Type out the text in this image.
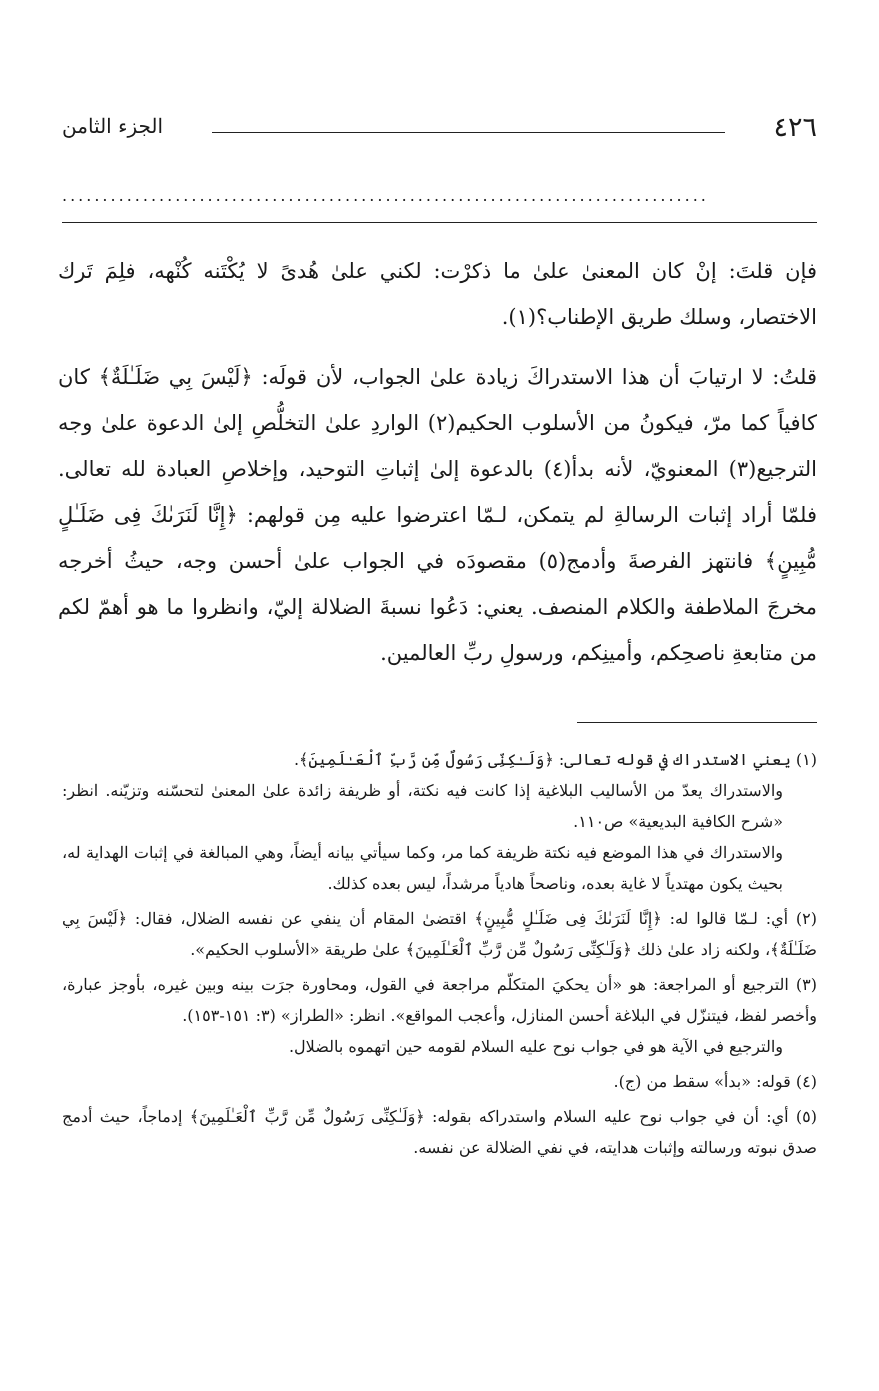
٤٢٦
الجزء الثامن
................................................................................

فإن قلتَ: إنْ كان المعنىٰ علىٰ ما ذكرْت: لكني علىٰ هُدىً لا يُكْتَنه كُنْهه، فلِمَ تَرك الاختصار، وسلك طريق الإطناب؟(١).

قلتُ: لا ارتيابَ أن هذا الاستدراكَ زيادة علىٰ الجواب، لأن قولَه: ﴿لَيْسَ بِي ضَلَـٰلَةٌ﴾ كان كافياً كما مرّ، فيكونُ من الأسلوب الحكيم(٢) الواردِ علىٰ التخلُّصِ إلىٰ الدعوة علىٰ وجه الترجيع(٣) المعنويّ، لأنه بدأ(٤) بالدعوة إلىٰ إثباتِ التوحيد، وإخلاصِ العبادة لله تعالى. فلمّا أراد إثبات الرسالةِ لم يتمكن، لـمّا اعترضوا عليه مِن قولهم: ﴿إِنَّا لَنَرَىٰكَ فِى ضَلَـٰلٍ مُّبِينٍ﴾ فانتهز الفرصةَ وأدمج(٥) مقصودَه في الجواب علىٰ أحسن وجه، حيثُ أخرجه مخرجَ الملاطفة والكلام المنصف. يعني: دَعُوا نسبةَ الضلالة إليّ، وانظروا ما هو أهمّ لكم من متابعةِ ناصحِكم، وأمينِكم، ورسولِ ربِّ العالمين.

(١) يعني الاستدراك في قوله تعالى: ﴿وَلَـٰكِنِّى رَسُولٌ مِّن رَّبِّ ٱلْعَـٰلَمِينَ﴾.

والاستدراك يعدّ من الأساليب البلاغية إذا كانت فيه نكتة، أو ظريفة زائدة علىٰ المعنىٰ لتحسّنه وتزيّنه. انظر: «شرح الكافية البديعية» ص١١٠.

والاستدراك في هذا الموضع فيه نكتة ظريفة كما مر، وكما سيأتي بيانه أيضاً، وهي المبالغة في إثبات الهداية له، بحيث يكون مهتدياً لا غاية بعده، وناصحاً هادياً مرشداً، ليس بعده كذلك.

(٢) أي: لـمّا قالوا له: ﴿إِنَّا لَنَرَىٰكَ فِى ضَلَـٰلٍ مُّبِينٍ﴾ اقتضىٰ المقام أن ينفي عن نفسه الضلال، فقال: ﴿لَيْسَ بِي ضَلَـٰلَةٌ﴾، ولكنه زاد علىٰ ذلك ﴿وَلَـٰكِنِّى رَسُولٌ مِّن رَّبِّ ٱلْعَـٰلَمِينَ﴾ علىٰ طريقة «الأسلوب الحكيم».

(٣) الترجيع أو المراجعة: هو «أن يحكيَ المتكلّم مراجعة في القول، ومحاورة جرَت بينه وبين غيره، بأوجز عبارة، وأخصر لفظ، فيتنزّل في البلاغة أحسن المنازل، وأعجب المواقع». انظر: «الطراز» (٣: ١٥١-١٥٣).

والترجيع في الآية هو في جواب نوح عليه السلام لقومه حين اتهموه بالضلال.

(٤) قوله: «بدأ» سقط من (ج).

(٥) أي: أن في جواب نوح عليه السلام واستدراكه بقوله: ﴿وَلَـٰكِنِّى رَسُولٌ مِّن رَّبِّ ٱلْعَـٰلَمِينَ﴾ إدماجاً، حيث أدمج صدق نبوته ورسالته وإثبات هدايته، في نفي الضلالة عن نفسه.
